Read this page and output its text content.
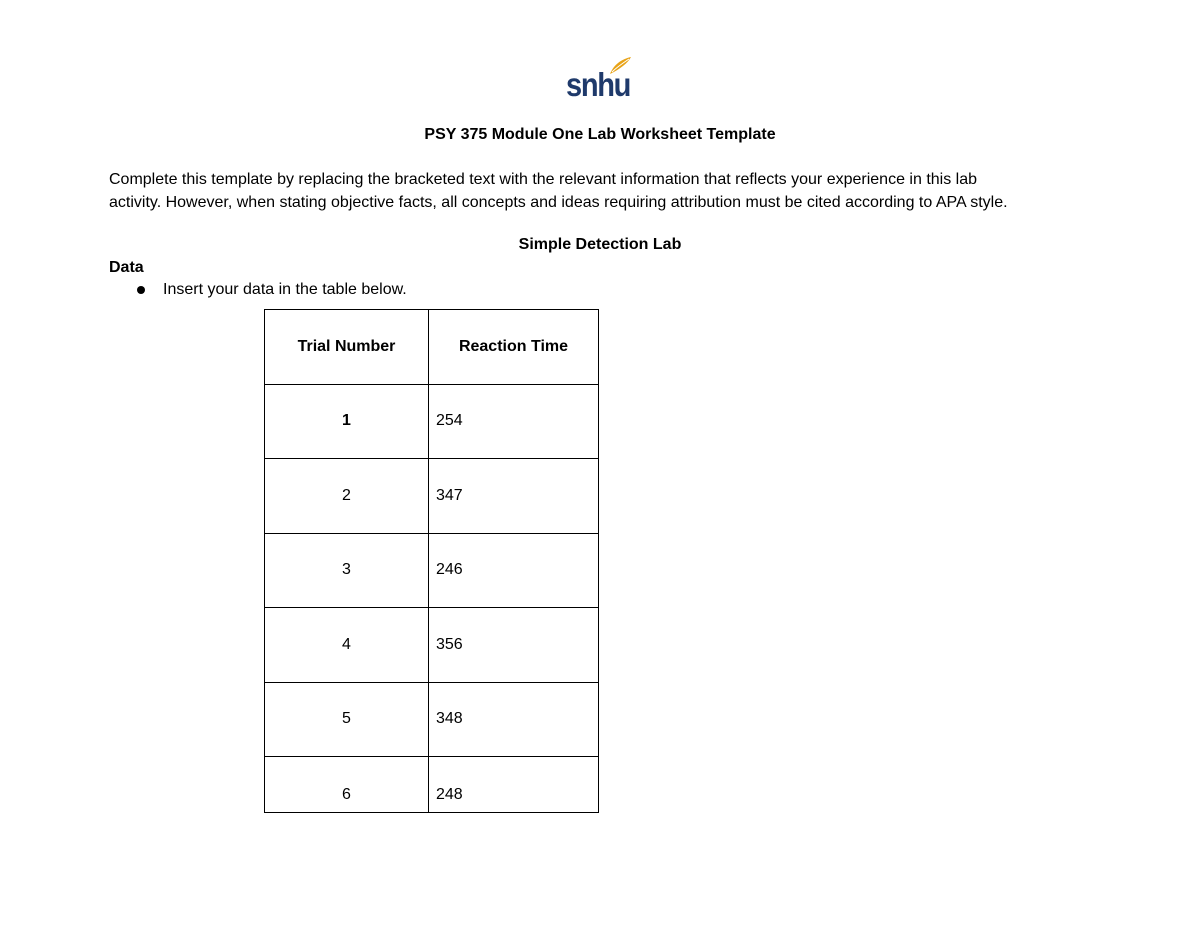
snhu
PSY 375 Module One Lab Worksheet Template
Complete this template by replacing the bracketed text with the relevant information that reflects your experience in this lab
activity. However, when stating objective facts, all concepts and ideas requiring attribution must be cited according to APA style.
Simple Detection Lab
Data
Insert your data in the table below.
Trial Number	Reaction Time
1	254
2	347
3	246
4	356
5	348
6	248
